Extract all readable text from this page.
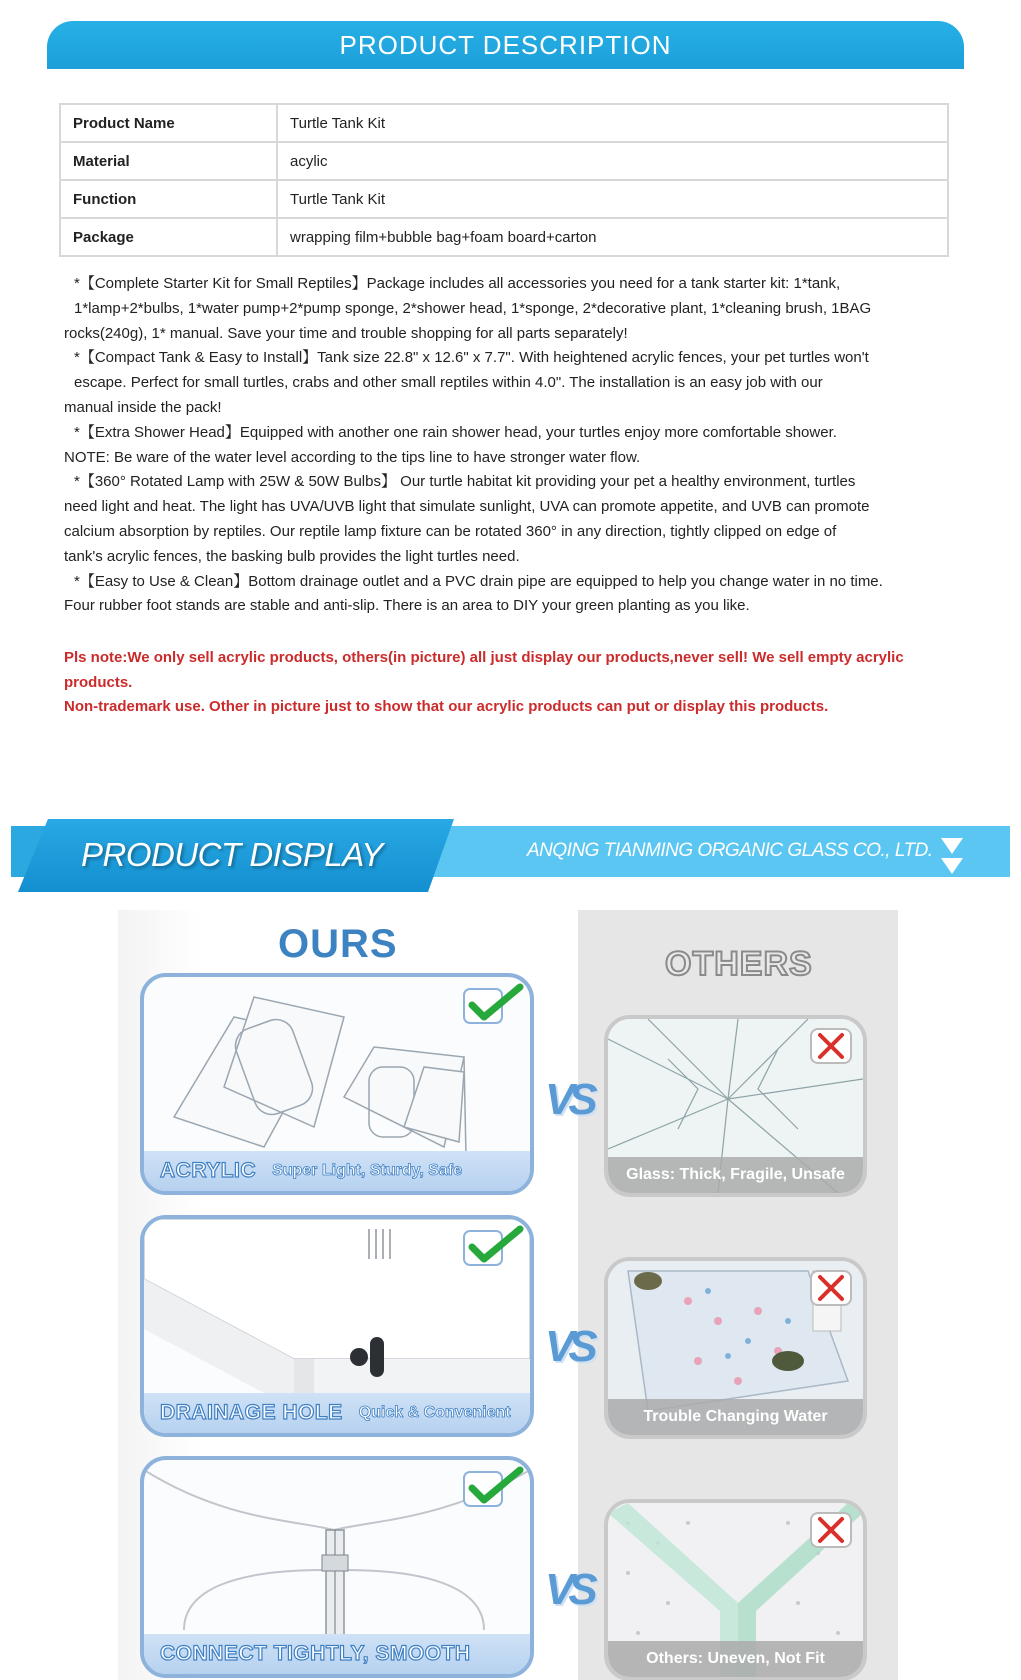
PRODUCT DESCRIPTION
Product Name	Turtle Tank Kit
Material	acylic
Function	Turtle Tank Kit
Package	wrapping film+bubble bag+foam board+carton

*【Complete Starter Kit for Small Reptiles】Package includes all accessories you need for a tank starter kit: 1*tank,

1*lamp+2*bulbs, 1*water pump+2*pump sponge, 2*shower head, 1*sponge, 2*decorative plant, 1*cleaning brush, 1BAG

rocks(240g), 1* manual. Save your time and trouble shopping for all parts separately!

*【Compact Tank & Easy to Install】Tank size 22.8" x 12.6" x 7.7". With heightened acrylic fences, your pet turtles won't

escape. Perfect for small turtles, crabs and other small reptiles within 4.0". The installation is an easy job with our

manual inside the pack!

*【Extra Shower Head】Equipped with another one rain shower head, your turtles enjoy more comfortable shower.

NOTE: Be ware of the water level according to the tips line to have stronger water flow.

*【360° Rotated Lamp with 25W & 50W Bulbs】 Our turtle habitat kit providing your pet a healthy environment, turtles

need light and heat. The light has UVA/UVB light that simulate sunlight, UVA can promote appetite, and UVB can promote

calcium absorption by reptiles. Our reptile lamp fixture can be rotated 360° in any direction, tightly clipped on edge of

tank's acrylic fences, the basking bulb provides the light turtles need.

*【Easy to Use & Clean】Bottom drainage outlet and a PVC drain pipe are equipped to help you change water in no time.

Four rubber foot stands are stable and anti-slip. There is an area to DIY your green planting as you like.

Pls note:We only sell acrylic products, others(in picture) all just display our products,never sell! We sell empty acrylic

products.

Non-trademark use. Other in picture just to show that our acrylic products can put or display this products.

PRODUCT DISPLAY	ANQING TIANMING ORGANIC GLASS CO., LTD.
OURS	OTHERS
ACRYLIC Super Light, Sturdy, Safe
DRAINAGE HOLE Quick & Convenient
CONNECT TIGHTLY, SMOOTH
VS
VS
VS
Glass: Thick, Fragile, Unsafe
Trouble Changing Water
Others: Uneven, Not Fit
